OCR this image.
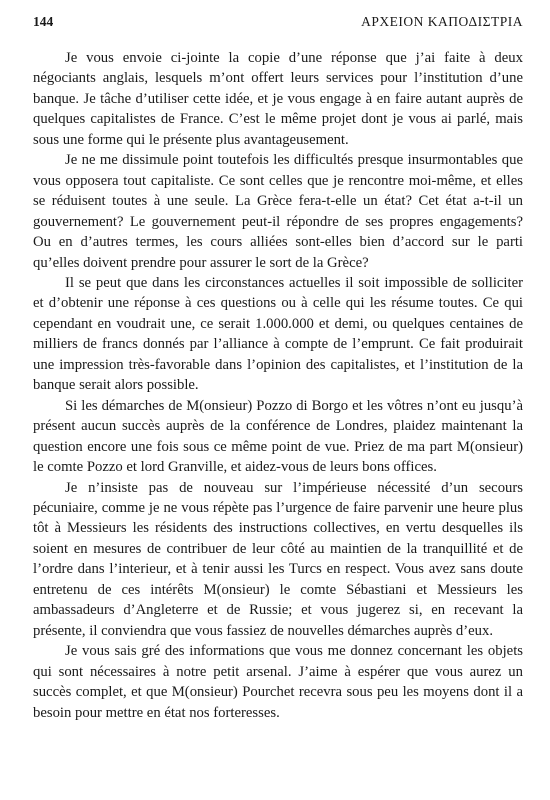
144	ΑΡΧΕΙΟΝ ΚΑΠΟΔΙΣΤΡΙΑ

Je vous envoie ci-jointe la copie d’une réponse que j’ai faite à deux négociants anglais, lesquels m’ont offert leurs services pour l’institution d’une banque. Je tâche d’utiliser cette idée, et je vous engage à en faire autant auprès de quelques capitalistes de France. C’est le même projet dont je vous ai parlé, mais sous une forme qui le présente plus avantageusement.

Je ne me dissimule point toutefois les difficultés presque insurmontables que vous opposera tout capitaliste. Ce sont celles que je rencontre moi-même, et elles se réduisent toutes à une seule. La Grèce fera-t-elle un état? Cet état a-t-il un gouvernement? Le gouvernement peut-il répondre de ses propres engagements? Ou en d’autres termes, les cours alliées sont-elles bien d’accord sur le parti qu’elles doivent prendre pour assurer le sort de la Grèce?

Il se peut que dans les circonstances actuelles il soit impossible de solliciter et d’obtenir une réponse à ces questions ou à celle qui les résume toutes. Ce qui cependant en voudrait une, ce serait 1.000.000 et demi, ou quelques centaines de milliers de francs donnés par l’alliance à compte de l’emprunt. Ce fait produirait une impression très-favorable dans l’opinion des capitalistes, et l’institution de la banque serait alors possible.

Si les démarches de M(onsieur) Pozzo di Borgo et les vôtres n’ont eu jusqu’à présent aucun succès auprès de la conférence de Londres, plaidez maintenant la question encore une fois sous ce même point de vue. Priez de ma part M(onsieur) le comte Pozzo et lord Granville, et aidez-vous de leurs bons offices.

Je n’insiste pas de nouveau sur l’impérieuse nécessité d’un secours pécuniaire, comme je ne vous répète pas l’urgence de faire parvenir une heure plus tôt à Messieurs les résidents des instructions collectives, en vertu desquelles ils soient en mesures de contribuer de leur côté au maintien de la tranquillité et de l’ordre dans l’interieur, et à tenir aussi les Turcs en respect. Vous avez sans doute entretenu de ces intérêts M(onsieur) le comte Sébastiani et Messieurs les ambassadeurs d’Angleterre et de Russie; et vous jugerez si, en recevant la présente, il conviendra que vous fassiez de nouvelles démarches auprès d’eux.

Je vous sais gré des informations que vous me donnez concernant les objets qui sont nécessaires à notre petit arsenal. J’aime à espérer que vous aurez un succès complet, et que M(onsieur) Pourchet recevra sous peu les moyens dont il a besoin pour mettre en état nos forteresses.
